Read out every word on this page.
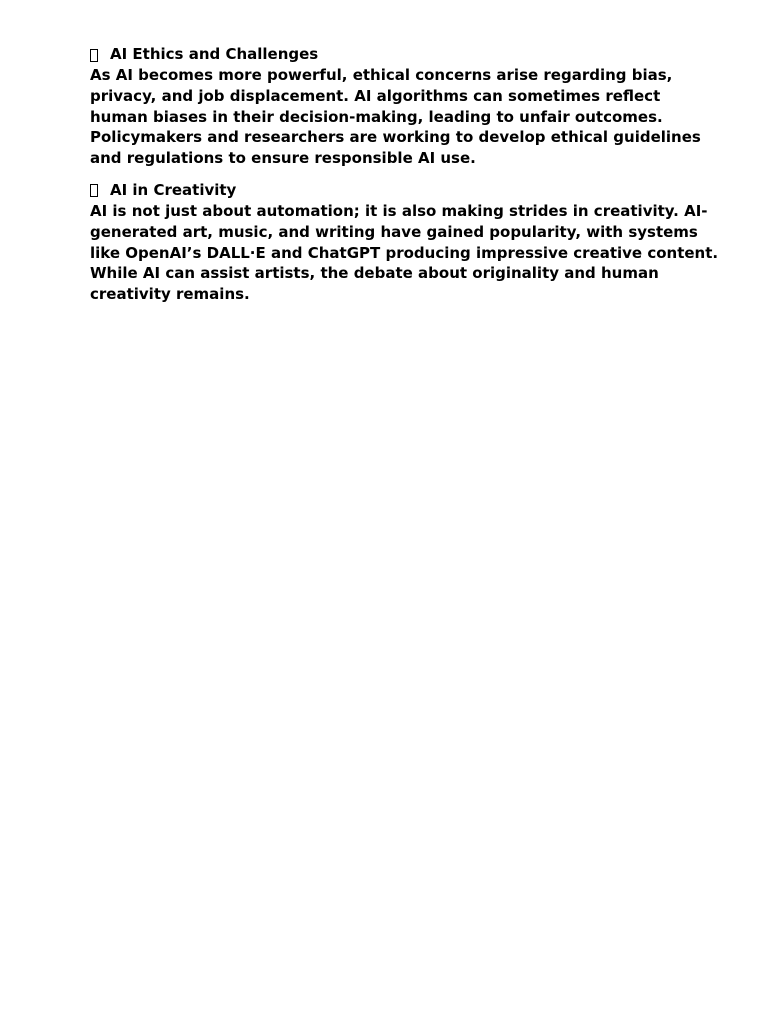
AI Ethics and Challenges

As AI becomes more powerful, ethical concerns arise regarding bias,
privacy, and job displacement. AI algorithms can sometimes reflect
human biases in their decision-making, leading to unfair outcomes.
Policymakers and researchers are working to develop ethical guidelines
and regulations to ensure responsible AI use.

AI in Creativity

AI is not just about automation; it is also making strides in creativity. AI-
generated art, music, and writing have gained popularity, with systems
like OpenAI’s DALL·E and ChatGPT producing impressive creative content.
While AI can assist artists, the debate about originality and human
creativity remains.
